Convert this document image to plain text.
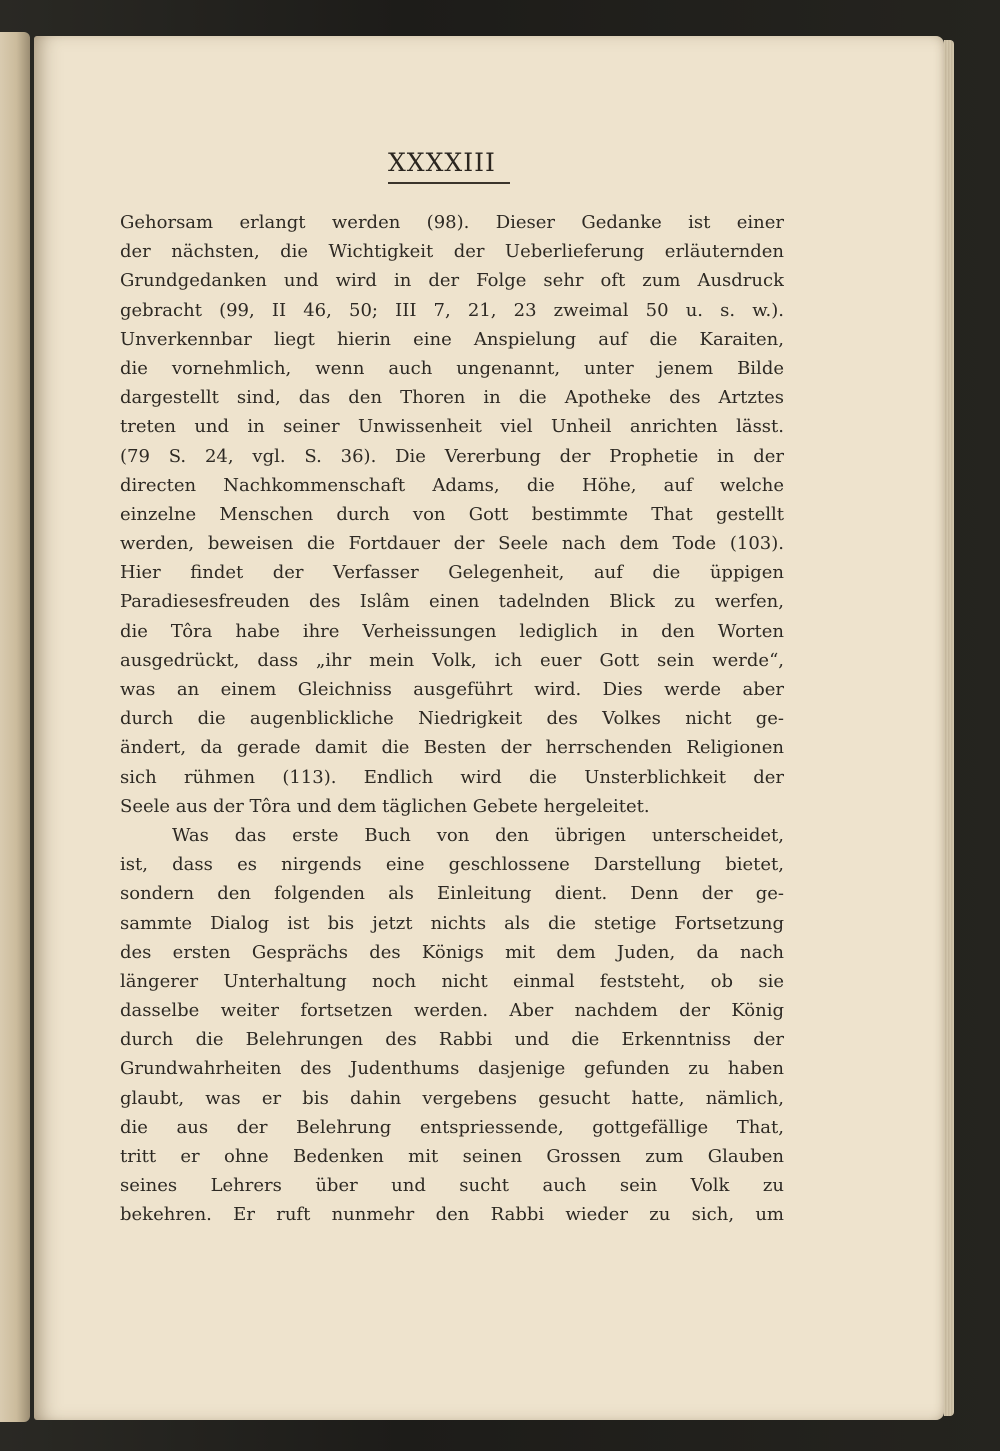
XXXXIII
Gehorsam erlangt werden (98). Dieser Gedanke ist einer
der nächsten, die Wichtigkeit der Ueberlieferung erläuternden
Grundgedanken und wird in der Folge sehr oft zum Ausdruck
gebracht (99, II 46, 50; III 7, 21, 23 zweimal 50 u. s. w.).
Unverkennbar liegt hierin eine Anspielung auf die Karaiten,
die vornehmlich, wenn auch ungenannt, unter jenem Bilde
dargestellt sind, das den Thoren in die Apotheke des Artztes
treten und in seiner Unwissenheit viel Unheil anrichten lässt.
(79 S. 24, vgl. S. 36). Die Vererbung der Prophetie in der
directen Nachkommenschaft Adams, die Höhe, auf welche
einzelne Menschen durch von Gott bestimmte That gestellt
werden, beweisen die Fortdauer der Seele nach dem Tode (103).
Hier findet der Verfasser Gelegenheit, auf die üppigen
Paradiesesfreuden des Islâm einen tadelnden Blick zu werfen,
die Tôra habe ihre Verheissungen lediglich in den Worten
ausgedrückt, dass „ihr mein Volk, ich euer Gott sein werde“,
was an einem Gleichniss ausgeführt wird. Dies werde aber
durch die augenblickliche Niedrigkeit des Volkes nicht ge-
ändert, da gerade damit die Besten der herrschenden Religionen
sich rühmen (113). Endlich wird die Unsterblichkeit der
Seele aus der Tôra und dem täglichen Gebete hergeleitet.
Was das erste Buch von den übrigen unterscheidet,
ist, dass es nirgends eine geschlossene Darstellung bietet,
sondern den folgenden als Einleitung dient. Denn der ge-
sammte Dialog ist bis jetzt nichts als die stetige Fortsetzung
des ersten Gesprächs des Königs mit dem Juden, da nach
längerer Unterhaltung noch nicht einmal feststeht, ob sie
dasselbe weiter fortsetzen werden. Aber nachdem der König
durch die Belehrungen des Rabbi und die Erkenntniss der
Grundwahrheiten des Judenthums dasjenige gefunden zu haben
glaubt, was er bis dahin vergebens gesucht hatte, nämlich,
die aus der Belehrung entspriessende, gottgefällige That,
tritt er ohne Bedenken mit seinen Grossen zum Glauben
seines Lehrers über und sucht auch sein Volk zu
bekehren. Er ruft nunmehr den Rabbi wieder zu sich, um
